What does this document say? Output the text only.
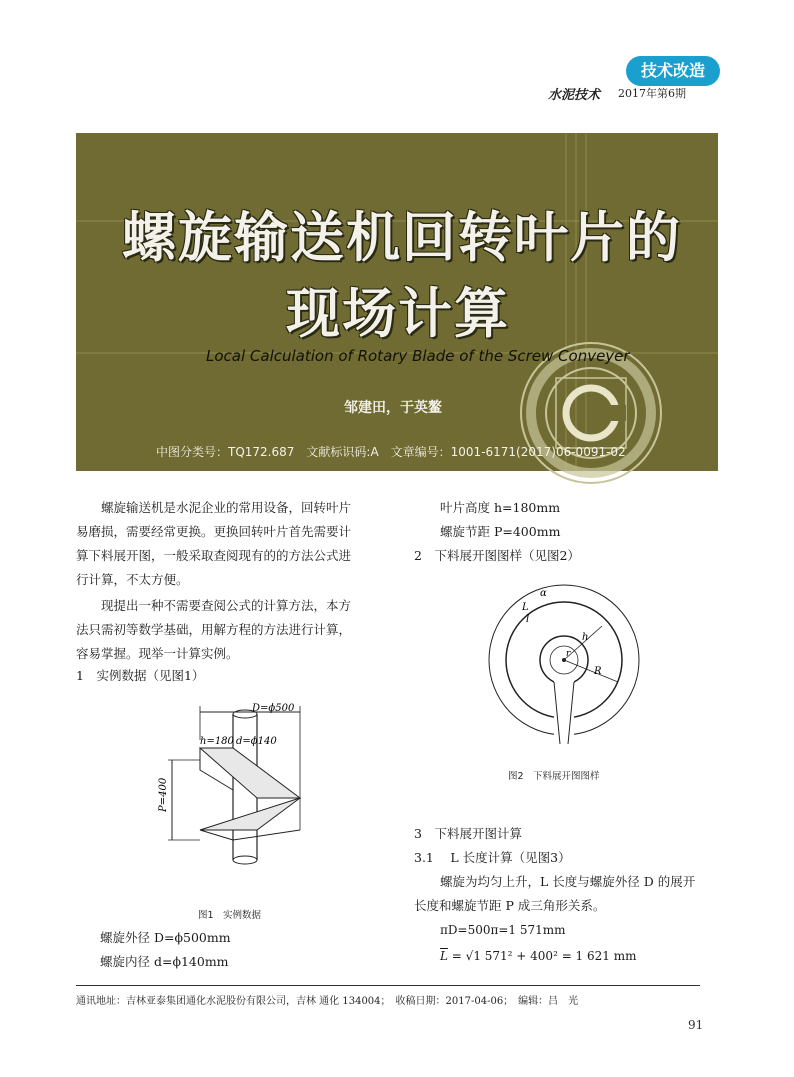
技术改造
水泥技术 2017年第6期
螺旋输送机回转叶片的
现场计算
Local Calculation of Rotary Blade of the Screw Conveyer
邹建田，于英鳌
中图分类号：TQ172.687　文献标识码:A　文章编号：1001-6171(2017)06-0091-02
螺旋输送机是水泥企业的常用设备，回转叶片
易磨损，需要经常更换。更换回转叶片首先需要计
算下料展开图，一般采取查阅现有的的方法公式进
行计算，不太方便。
现提出一种不需要查阅公式的计算方法，本方
法只需初等数学基础，用解方程的方法进行计算，
容易掌握。现举一计算实例。
1　实例数据（见图1）
D=ϕ500
h=180 d=ϕ140
P=400
图1　实例数据
螺旋外径 D=ϕ500mm
螺旋内径 d=ϕ140mm
叶片高度 h=180mm
螺旋节距 P=400mm
2　下料展开图图样（见图2）
α
L
l
h
r
R
图2　下料展开图图样
3　下料展开图计算
3.1　 L 长度计算（见图3）
螺旋为均匀上升，L 长度与螺旋外径 D 的展开
长度和螺旋节距 P 成三角形关系。
πD=500π=1 571mm
$\overline{L} = √1$ 571² + 400² = 1 621 mm
通讯地址：吉林亚泰集团通化水泥股份有限公司，吉林 通化 134004；　收稿日期：2017-04-06；　编辑：吕　光
91
